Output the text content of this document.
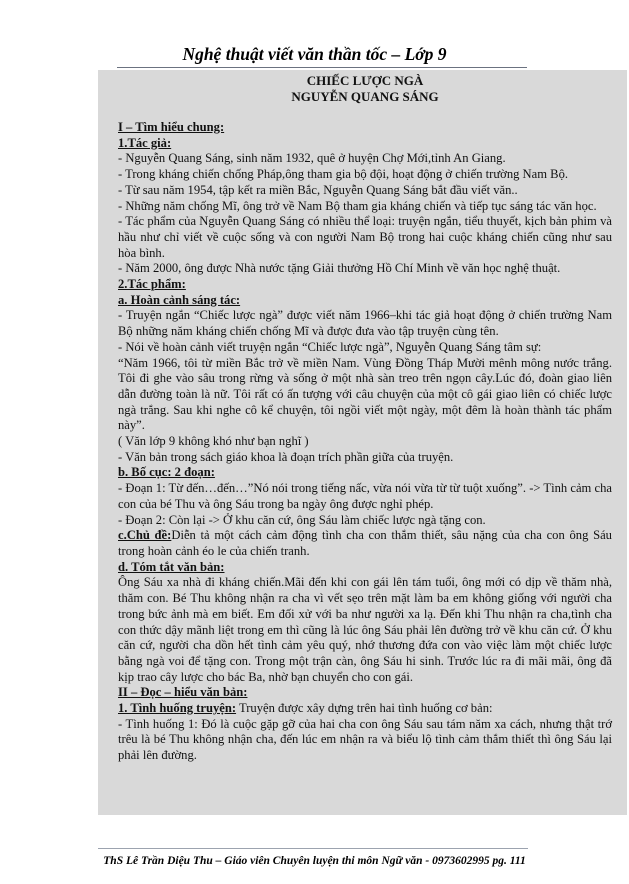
Nghệ thuật viết văn thần tốc – Lớp 9
CHIẾC LƯỢC NGÀ
NGUYỄN QUANG SÁNG

I – Tìm hiểu chung:

1.Tác giả:

- Nguyễn Quang Sáng, sinh năm 1932, quê ở huyện Chợ Mới,tỉnh An Giang.

- Trong kháng chiến chống Pháp,ông tham gia bộ đội, hoạt động ở chiến trường Nam Bộ.

- Từ sau năm 1954, tập kết ra miền Bắc, Nguyễn Quang Sáng bắt đầu viết văn..

- Những năm chống Mĩ, ông trở về Nam Bộ tham gia kháng chiến và tiếp tục sáng tác văn học.

- Tác phẩm của Nguyễn Quang Sáng có nhiều thể loại: truyện ngắn, tiểu thuyết, kịch bản phim và hầu như chỉ viết về cuộc sống và con người Nam Bộ trong hai cuộc kháng chiến cũng như sau hòa bình.

- Năm 2000, ông được Nhà nước tặng Giải thưởng Hồ Chí Minh về văn học nghệ thuật.

2.Tác phẩm:

a. Hoàn cảnh sáng tác:

- Truyện ngắn “Chiếc lược ngà” được viết năm 1966–khi tác giả hoạt động ở chiến trường Nam Bộ những năm kháng chiến chống Mĩ và được đưa vào tập truyện cùng tên.

- Nói về hoàn cảnh viết truyện ngắn “Chiếc lược ngà”, Nguyễn Quang Sáng tâm sự:

“Năm 1966, tôi từ miền Bắc trở về miền Nam. Vùng Đồng Tháp Mười mênh mông nước trắng. Tôi đi ghe vào sâu trong rừng và sống ở một nhà sàn treo trên ngọn cây.Lúc đó, đoàn giao liên dẫn đường toàn là nữ. Tôi rất có ấn tượng với câu chuyện của một cô gái giao liên có chiếc lược ngà trắng. Sau khi nghe cô kể chuyện, tôi ngồi viết một ngày, một đêm là hoàn thành tác phẩm này”.

( Văn lớp 9 không khó như bạn nghĩ )

- Văn bản trong sách giáo khoa là đoạn trích phần giữa của truyện.

b. Bố cục: 2 đoạn:

- Đoạn 1: Từ đến…đến…”Nó nói trong tiếng nấc, vừa nói vừa từ từ tuột xuống”. -> Tình cảm cha con của bé Thu và ông Sáu trong ba ngày ông được nghỉ phép.

- Đoạn 2: Còn lại -> Ở khu căn cứ, ông Sáu làm chiếc lược ngà tặng con.

c.Chủ đề:Diễn tả một cách cảm động tình cha con thắm thiết, sâu nặng của cha con ông Sáu trong hoàn cảnh éo le của chiến tranh.

d. Tóm tắt văn bản:

Ông Sáu xa nhà đi kháng chiến.Mãi đến khi con gái lên tám tuổi, ông mới có dịp về thăm nhà, thăm con. Bé Thu không nhận ra cha vì vết sẹo trên mặt làm ba em không giống với người cha trong bức ảnh mà em biết. Em đối xử với ba như người xa lạ. Đến khi Thu nhận ra cha,tình cha con thức dậy mãnh liệt trong em thì cũng là lúc ông Sáu phải lên đường trở về khu căn cứ. Ở khu căn cứ, người cha dồn hết tình cảm yêu quý, nhớ thương đứa con vào việc làm một chiếc lược bằng ngà voi để tặng con. Trong một trận càn, ông Sáu hi sinh. Trước lúc ra đi mãi mãi, ông đã kịp trao cây lược cho bác Ba, nhờ bạn chuyển cho con gái.

II – Đọc – hiểu văn bản:

1. Tình huống truyện: Truyện được xây dựng trên hai tình huống cơ bản:

- Tình huống 1: Đó là cuộc gặp gỡ của hai cha con ông Sáu sau tám năm xa cách, nhưng thật trớ trêu là bé Thu không nhận cha, đến lúc em nhận ra và biểu lộ tình cảm thắm thiết thì ông Sáu lại phải lên đường.

ThS Lê Trần Diệu Thu – Giáo viên Chuyên luyện thi môn Ngữ văn - 0973602995 pg. 111
